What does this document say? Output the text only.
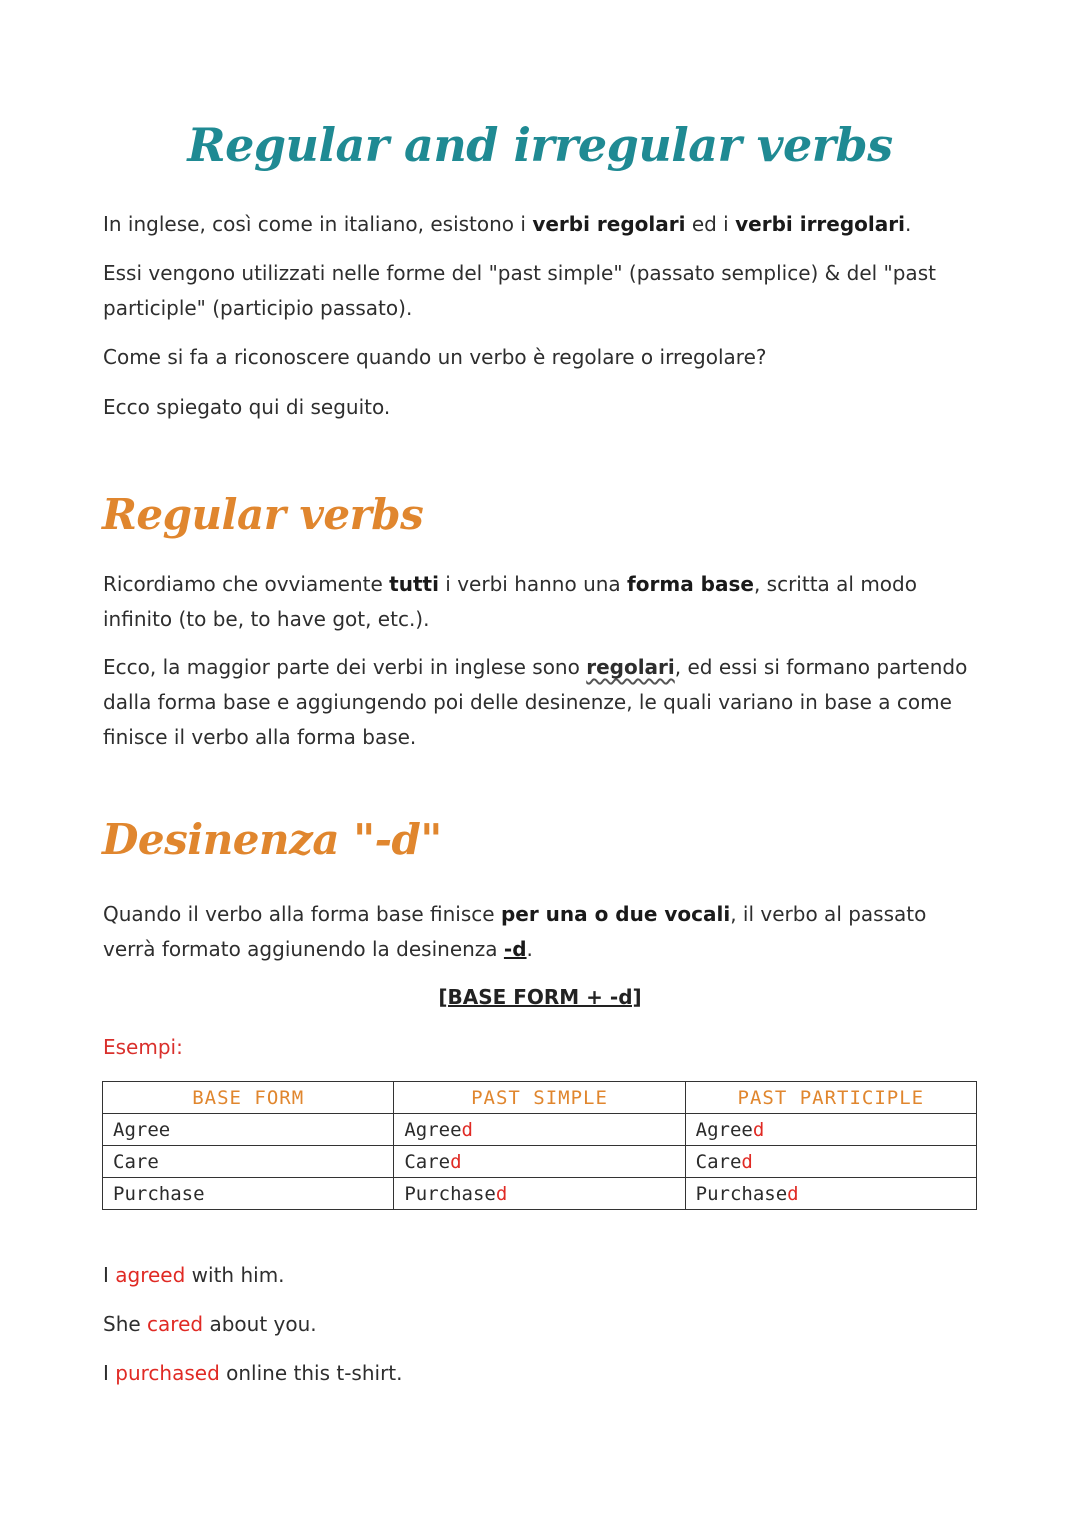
Regular and irregular verbs
In inglese, così come in italiano, esistono i verbi regolari ed i verbi irregolari.
Essi vengono utilizzati nelle forme del "past simple" (passato semplice) & del "past participle" (participio passato).
Come si fa a riconoscere quando un verbo è regolare o irregolare?
Ecco spiegato qui di seguito.
Regular verbs
Ricordiamo che ovviamente tutti i verbi hanno una forma base, scritta al modo infinito (to be, to have got, etc.).
Ecco, la maggior parte dei verbi in inglese sono regolari, ed essi si formano partendo dalla forma base e aggiungendo poi delle desinenze, le quali variano in base a come finisce il verbo alla forma base.
Desinenza "-d"
Quando il verbo alla forma base finisce per una o due vocali, il verbo al passato verrà formato aggiunendo la desinenza -d.
[BASE FORM + -d]
Esempi:
BASE FORM	PAST SIMPLE	PAST PARTICIPLE
Agree	Agreed	Agreed
Care	Cared	Cared
Purchase	Purchased	Purchased
I agreed with him.
She cared about you.
I purchased online this t-shirt.
